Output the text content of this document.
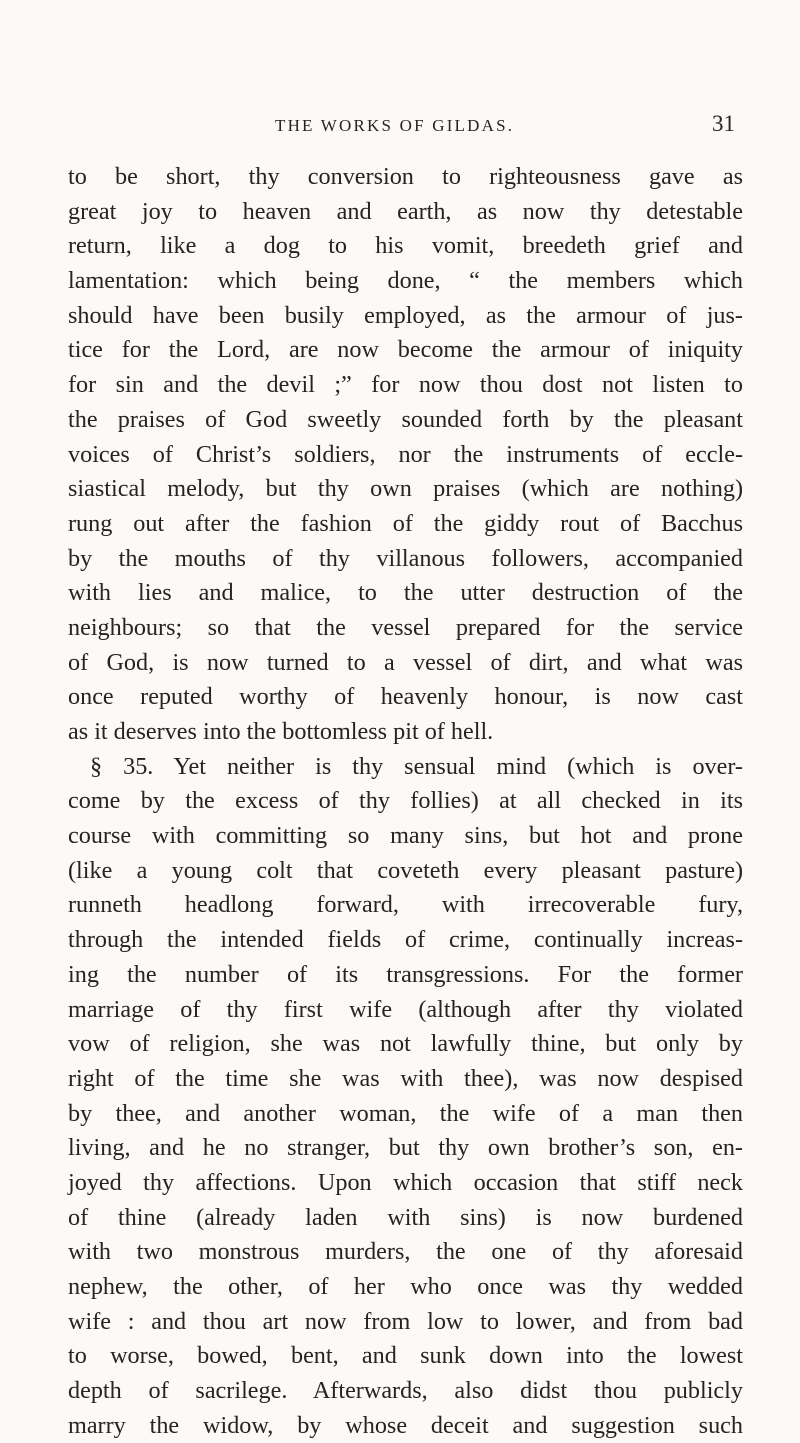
THE WORKS OF GILDAS.	31
to be short, thy conversion to righteousness gave as
great joy to heaven and earth, as now thy detestable
return, like a dog to his vomit, breedeth grief and
lamentation: which being done, “ the members which
should have been busily employed, as the armour of jus-
tice for the Lord, are now become the armour of iniquity
for sin and the devil ;” for now thou dost not listen to
the praises of God sweetly sounded forth by the pleasant
voices of Christ’s soldiers, nor the instruments of eccle-
siastical melody, but thy own praises (which are nothing)
rung out after the fashion of the giddy rout of Bacchus
by the mouths of thy villanous followers, accompanied
with lies and malice, to the utter destruction of the
neighbours; so that the vessel prepared for the service
of God, is now turned to a vessel of dirt, and what was
once reputed worthy of heavenly honour, is now cast
as it deserves into the bottomless pit of hell.
§ 35. Yet neither is thy sensual mind (which is over-
come by the excess of thy follies) at all checked in its
course with committing so many sins, but hot and prone
(like a young colt that coveteth every pleasant pasture)
runneth headlong forward, with irrecoverable fury,
through the intended fields of crime, continually increas-
ing the number of its transgressions. For the former
marriage of thy first wife (although after thy violated
vow of religion, she was not lawfully thine, but only by
right of the time she was with thee), was now despised
by thee, and another woman, the wife of a man then
living, and he no stranger, but thy own brother’s son, en-
joyed thy affections. Upon which occasion that stiff neck
of thine (already laden with sins) is now burdened
with two monstrous murders, the one of thy aforesaid
nephew, the other, of her who once was thy wedded
wife : and thou art now from low to lower, and from bad
to worse, bowed, bent, and sunk down into the lowest
depth of sacrilege. Afterwards, also didst thou publicly
marry the widow, by whose deceit and suggestion such
